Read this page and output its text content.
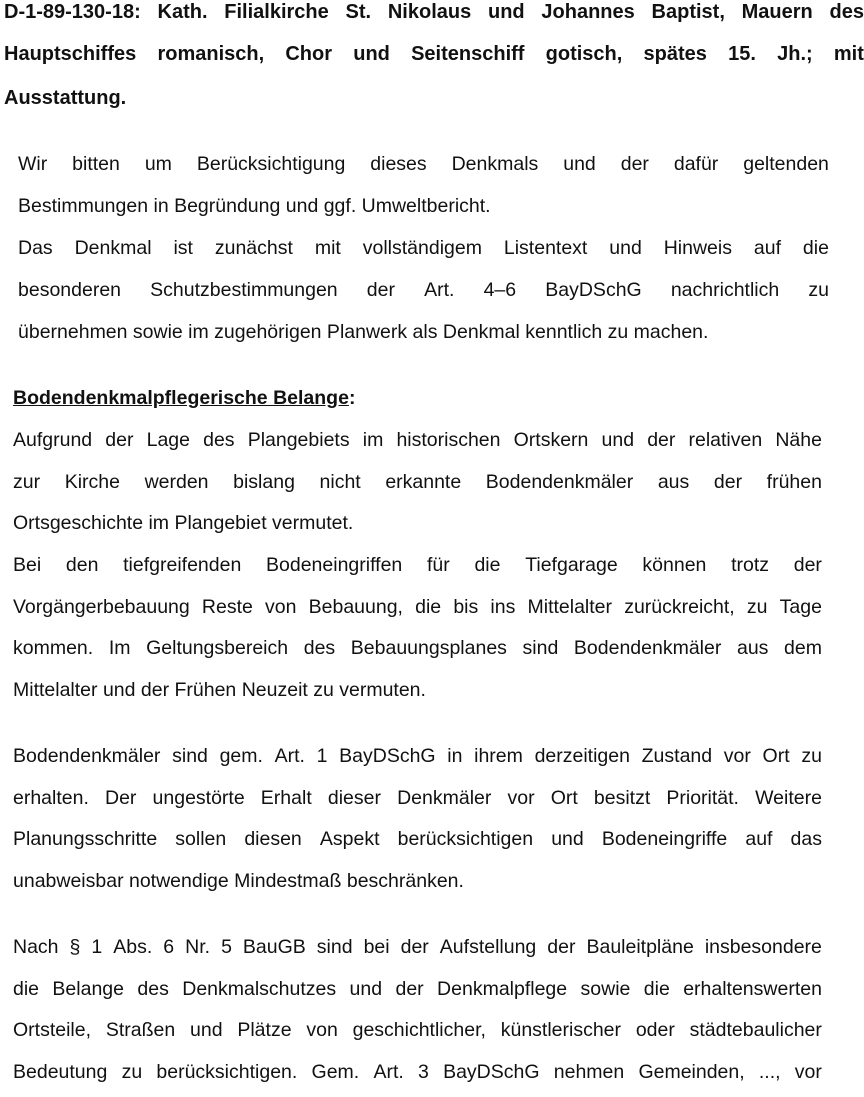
D-1-89-130-18: Kath. Filialkirche St. Nikolaus und Johannes Baptist, Mauern des
Hauptschiffes romanisch, Chor und Seitenschiff gotisch, spätes 15. Jh.; mit
Ausstattung.
Wir bitten um Berücksichtigung dieses Denkmals und der dafür geltenden
Bestimmungen in Begründung und ggf. Umweltbericht.
Das Denkmal ist zunächst mit vollständigem Listentext und Hinweis auf die
besonderen Schutzbestimmungen der Art. 4–6 BayDSchG nachrichtlich zu
übernehmen sowie im zugehörigen Planwerk als Denkmal kenntlich zu machen.
Bodendenkmalpflegerische Belange:
Aufgrund der Lage des Plangebiets im historischen Ortskern und der relativen Nähe
zur Kirche werden bislang nicht erkannte Bodendenkmäler aus der frühen
Ortsgeschichte im Plangebiet vermutet.
Bei den tiefgreifenden Bodeneingriffen für die Tiefgarage können trotz der
Vorgängerbebauung Reste von Bebauung, die bis ins Mittelalter zurückreicht, zu Tage
kommen. Im Geltungsbereich des Bebauungsplanes sind Bodendenkmäler aus dem
Mittelalter und der Frühen Neuzeit zu vermuten.
Bodendenkmäler sind gem. Art. 1 BayDSchG in ihrem derzeitigen Zustand vor Ort zu
erhalten. Der ungestörte Erhalt dieser Denkmäler vor Ort besitzt Priorität. Weitere
Planungsschritte sollen diesen Aspekt berücksichtigen und Bodeneingriffe auf das
unabweisbar notwendige Mindestmaß beschränken.
Nach § 1 Abs. 6 Nr. 5 BauGB sind bei der Aufstellung der Bauleitpläne insbesondere
die Belange des Denkmalschutzes und der Denkmalpflege sowie die erhaltenswerten
Ortsteile, Straßen und Plätze von geschichtlicher, künstlerischer oder städtebaulicher
Bedeutung zu berücksichtigen. Gem. Art. 3 BayDSchG nehmen Gemeinden, ..., vor
